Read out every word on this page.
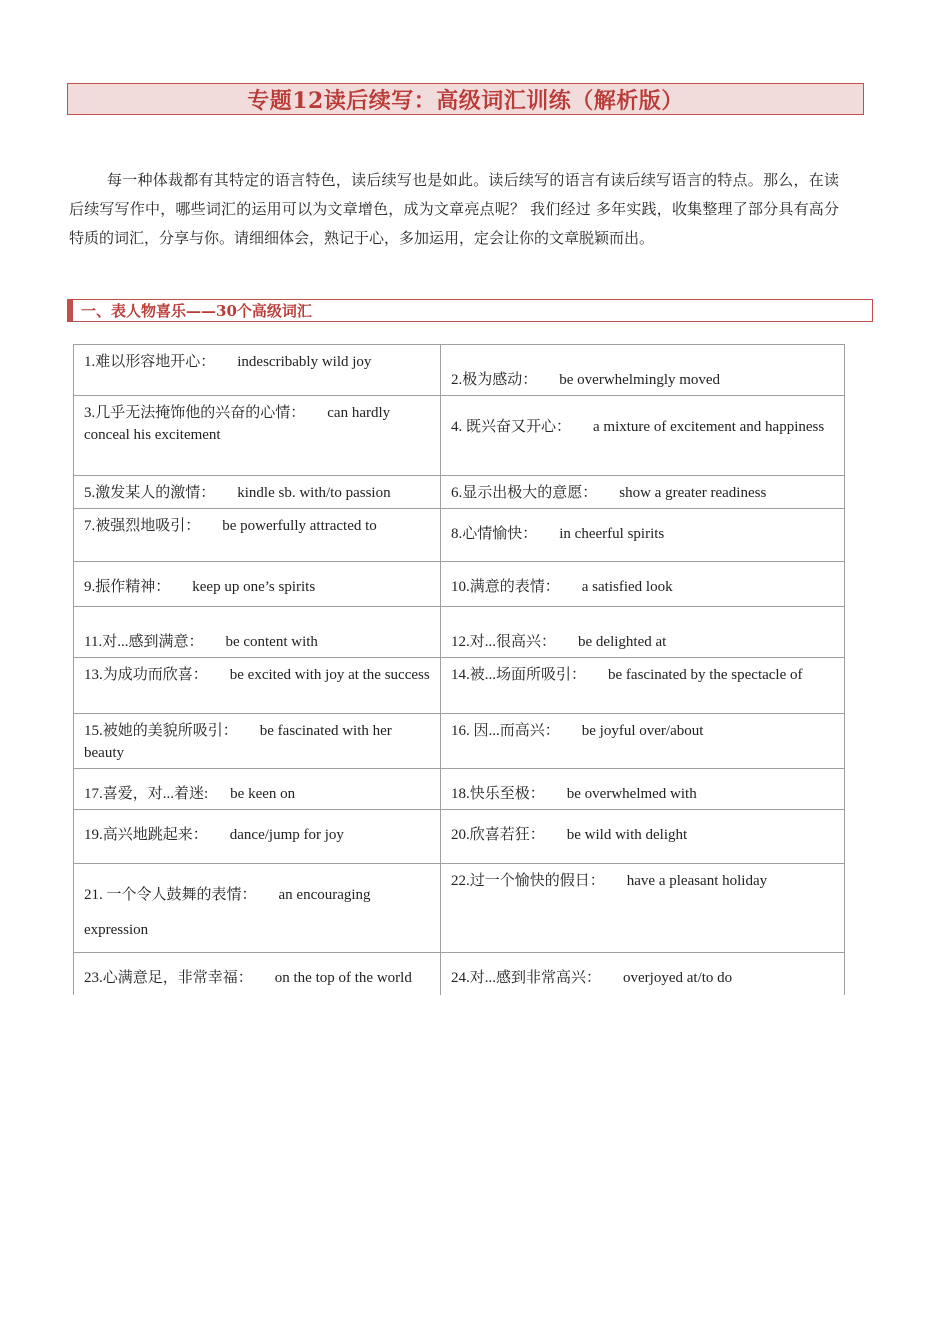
专题12读后续写：高级词汇训练（解析版）

每一种体裁都有其特定的语言特色，读后续写也是如此。读后续写的语言有读后续写语言的特点。那么，在读后续写写作中，哪些词汇的运用可以为文章增色，成为文章亮点呢？ 我们经过 多年实践，收集整理了部分具有高分特质的词汇，分享与你。请细细体会，熟记于心，多加运用，定会让你的文章脱颖而出。

一、表人物喜乐——30个高级词汇
1.难以形容地开心： indescribably wild joy	2.极为感动： be overwhelmingly moved
3.几乎无法掩饰他的兴奋的心情： can hardly conceal his excitement	4. 既兴奋又开心： a mixture of excitement and happiness
5.激发某人的激情： kindle sb. with/to passion	6.显示出极大的意愿： show a greater readiness
7.被强烈地吸引： be powerfully attracted to	8.心情愉快： in cheerful spirits
9.振作精神： keep up one’s spirits	10.满意的表情： a satisfied look
11.对...感到满意： be content with	12.对...很高兴： be delighted at
13.为成功而欣喜： be excited with joy at the success	14.被...场面所吸引： be fascinated by the spectacle of
15.被她的美貌所吸引： be fascinated with her beauty	16. 因...而高兴： be joyful over/about
17.喜爱，对...着迷: be keen on	18.快乐至极： be overwhelmed with
19.高兴地跳起来： dance/jump for joy	20.欣喜若狂： be wild with delight
21. 一个令人鼓舞的表情： an encouraging expression	22.过一个愉快的假日： have a pleasant holiday
23.心满意足，非常幸福： on the top of the world	24.对...感到非常高兴： overjoyed at/to do
